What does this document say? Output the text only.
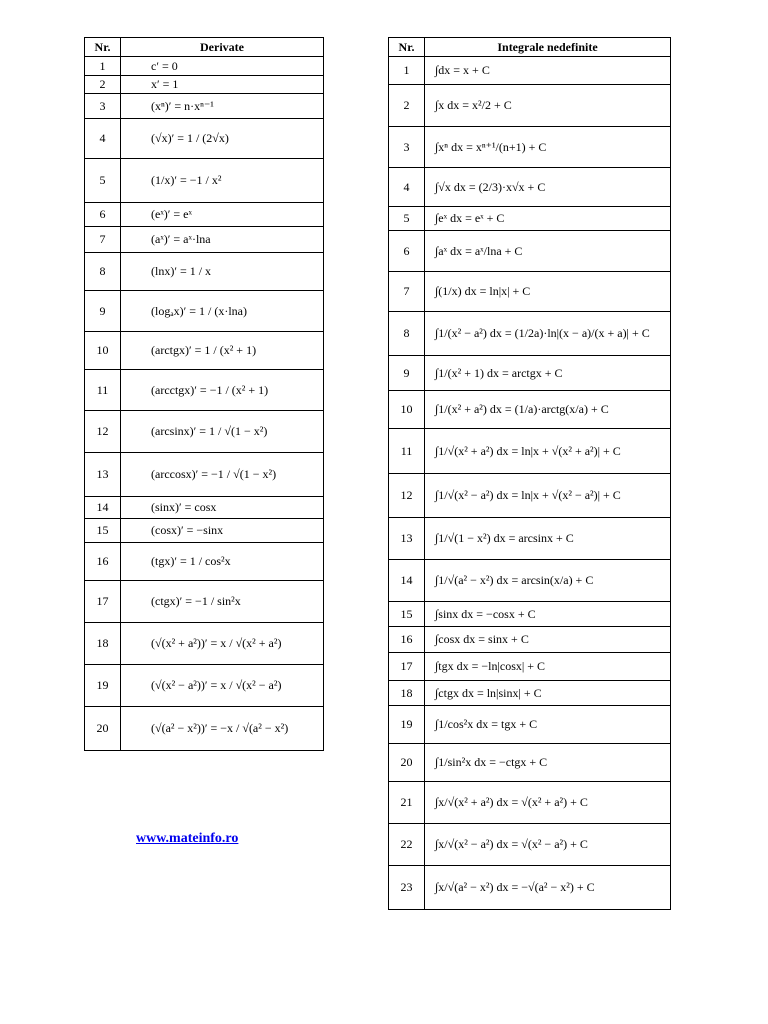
Nr.	Derivate
1	c′ = 0
2	x′ = 1
3	(xⁿ)′ = n·xⁿ⁻¹
4	(√x)′ = 1 / (2√x)
5	(1/x)′ = −1 / x²
6	(eˣ)′ = eˣ
7	(aˣ)′ = aˣ·lna
8	(lnx)′ = 1 / x
9	(logₐx)′ = 1 / (x·lna)
10	(arctgx)′ = 1 / (x² + 1)
11	(arcctgx)′ = −1 / (x² + 1)
12	(arcsinx)′ = 1 / √(1 − x²)
13	(arccosx)′ = −1 / √(1 − x²)
14	(sinx)′ = cosx
15	(cosx)′ = −sinx
16	(tgx)′ = 1 / cos²x
17	(ctgx)′ = −1 / sin²x
18	(√(x² + a²))′ = x / √(x² + a²)
19	(√(x² − a²))′ = x / √(x² − a²)
20	(√(a² − x²))′ = −x / √(a² − x²)
Nr.	Integrale nedefinite
1	∫dx = x + C
2	∫x dx = x²/2 + C
3	∫xⁿ dx = xⁿ⁺¹/(n+1) + C
4	∫√x dx = (2/3)·x√x + C
5	∫eˣ dx = eˣ + C
6	∫aˣ dx = aˣ/lna + C
7	∫(1/x) dx = ln|x| + C
8	∫1/(x² − a²) dx = (1/2a)·ln|(x − a)/(x + a)| + C
9	∫1/(x² + 1) dx = arctgx + C
10	∫1/(x² + a²) dx = (1/a)·arctg(x/a) + C
11	∫1/√(x² + a²) dx = ln|x + √(x² + a²)| + C
12	∫1/√(x² − a²) dx = ln|x + √(x² − a²)| + C
13	∫1/√(1 − x²) dx = arcsinx + C
14	∫1/√(a² − x²) dx = arcsin(x/a) + C
15	∫sinx dx = −cosx + C
16	∫cosx dx = sinx + C
17	∫tgx dx = −ln|cosx| + C
18	∫ctgx dx = ln|sinx| + C
19	∫1/cos²x dx = tgx + C
20	∫1/sin²x dx = −ctgx + C
21	∫x/√(x² + a²) dx = √(x² + a²) + C
22	∫x/√(x² − a²) dx = √(x² − a²) + C
23	∫x/√(a² − x²) dx = −√(a² − x²) + C
www.mateinfo.ro
